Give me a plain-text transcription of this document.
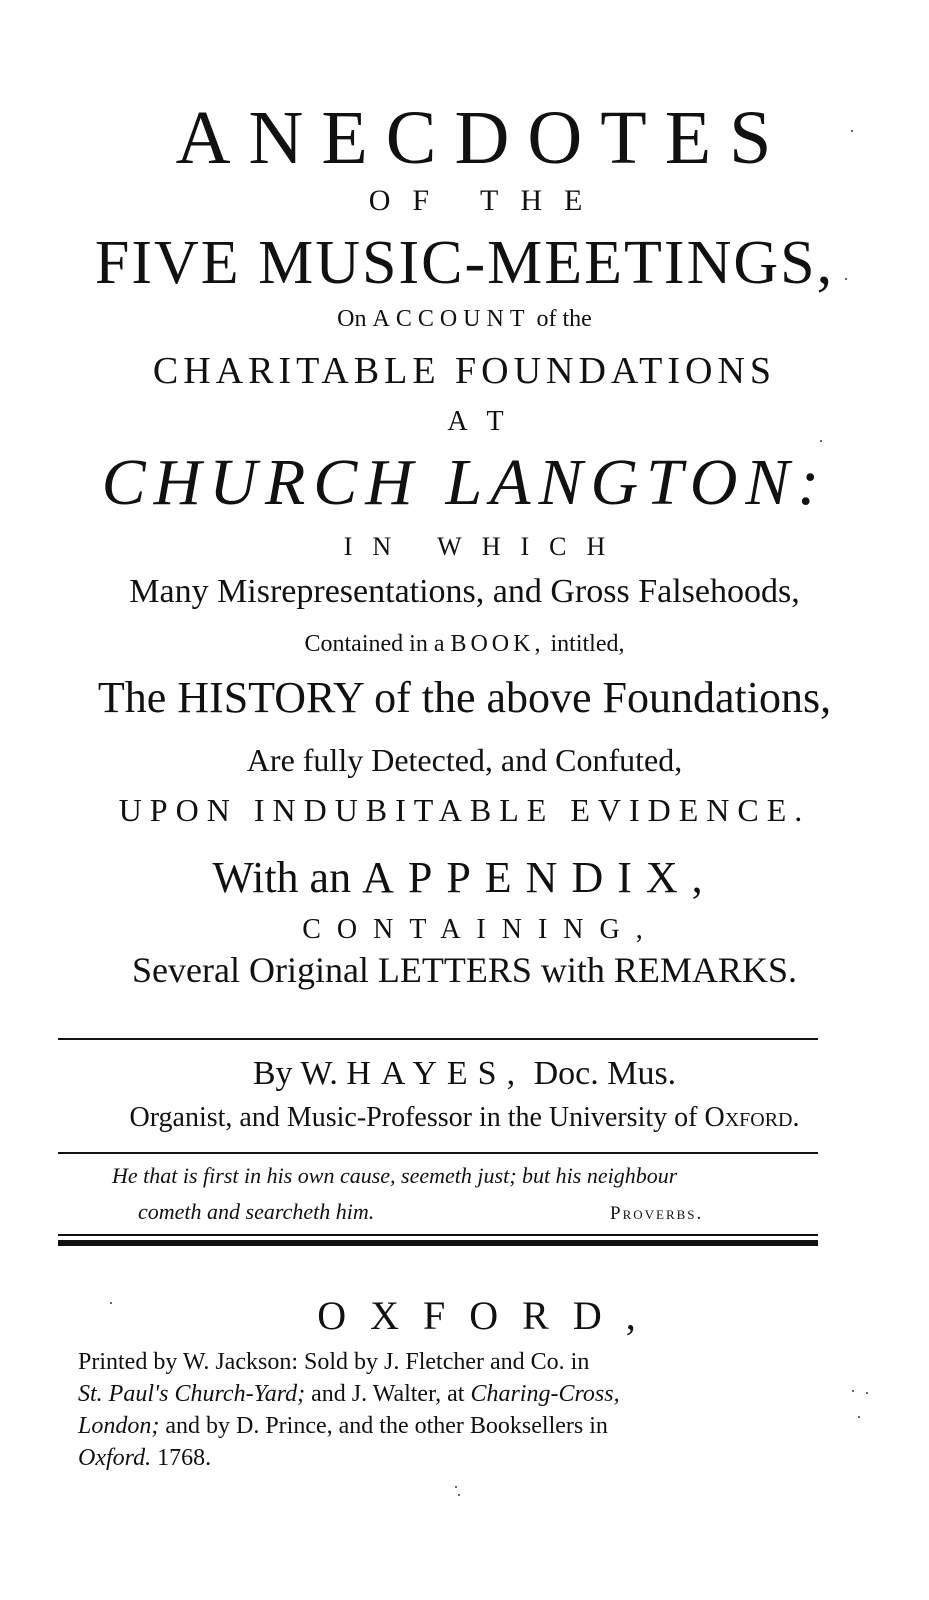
ANECDOTES
OF THE
FIVE MUSIC-MEETINGS,
On ACCOUNT of the
CHARITABLE FOUNDATIONS
AT
CHURCH LANGTON:
IN WHICH
Many Misrepresentations, and Gross Falsehoods,
Contained in a BOOK, intitled,
The HISTORY of the above Foundations,
Are fully Detected, and Confuted,
UPON INDUBITABLE EVIDENCE.
With an APPENDIX,
CONTAINING,
Several Original LETTERS with REMARKS.
By W. HAYES, Doc. Mus.
Organist, and Music-Professor in the University of Oxford.
He that is first in his own cause, seemeth just; but his neighbour
cometh and searcheth him.	Proverbs.
OXFORD,
Printed by W. Jackson: Sold by J. Fletcher and Co. in
St. Paul's Church-Yard; and J. Walter, at Charing-Cross,
London; and by D. Prince, and the other Booksellers in
Oxford. 1768.
